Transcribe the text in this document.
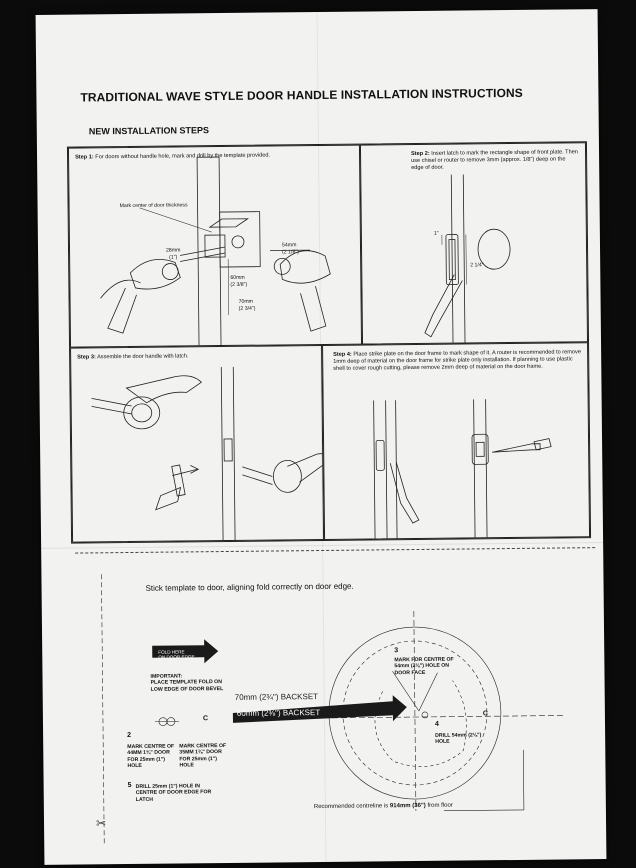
TRADITIONAL WAVE STYLE DOOR HANDLE INSTALLATION INSTRUCTIONS
NEW INSTALLATION STEPS
Step 1: For doors without handle hole, mark and drill by the template provided.
Mark center of door thickness
28mm
(1")
54mm
(2 1/8")
60mm
(2 3/8")
70mm
(2 3/4")
Step 2: Insert latch to mark the rectangle shape of front plate. Then use chisel or router to remove 3mm (approx. 1/8") deep on the edge of door.
1"
2 1/4"
Step 3: Assemble the door handle with latch.	Step 4: Place strike plate on the door frame to mark shape of it. A router is recommended to remove 1mm deep of material on the door frame for strike plate only installation. If planning to use plastic shell to cover rough cutting, please remove 2mm deep of material on the door frame.
Stick template to door, aligning fold correctly on door edge.
FOLD HERE
ON DOOR EDGE
IMPORTANT:
PLACE TEMPLATE FOLD ON LOW EDGE OF DOOR BEVEL
70mm (2¾") BACKSET
60mm (2⅜") BACKSET
C
C
2
MARK CENTRE OF 44MM 1¾" DOOR FOR 25mm (1") HOLE
MARK CENTRE OF 35MM 1⅜" DOOR FOR 25mm (1") HOLE
5 DRILL 25mm (1") HOLE IN CENTRE OF DOOR EDGE FOR LATCH
3
MARK FOR CENTRE OF 54mm (2⅛") HOLE ON DOOR FACE
4
DRILL 54mm (2⅛") HOLE
Recommended centreline is 914mm (36") from floor
✂
